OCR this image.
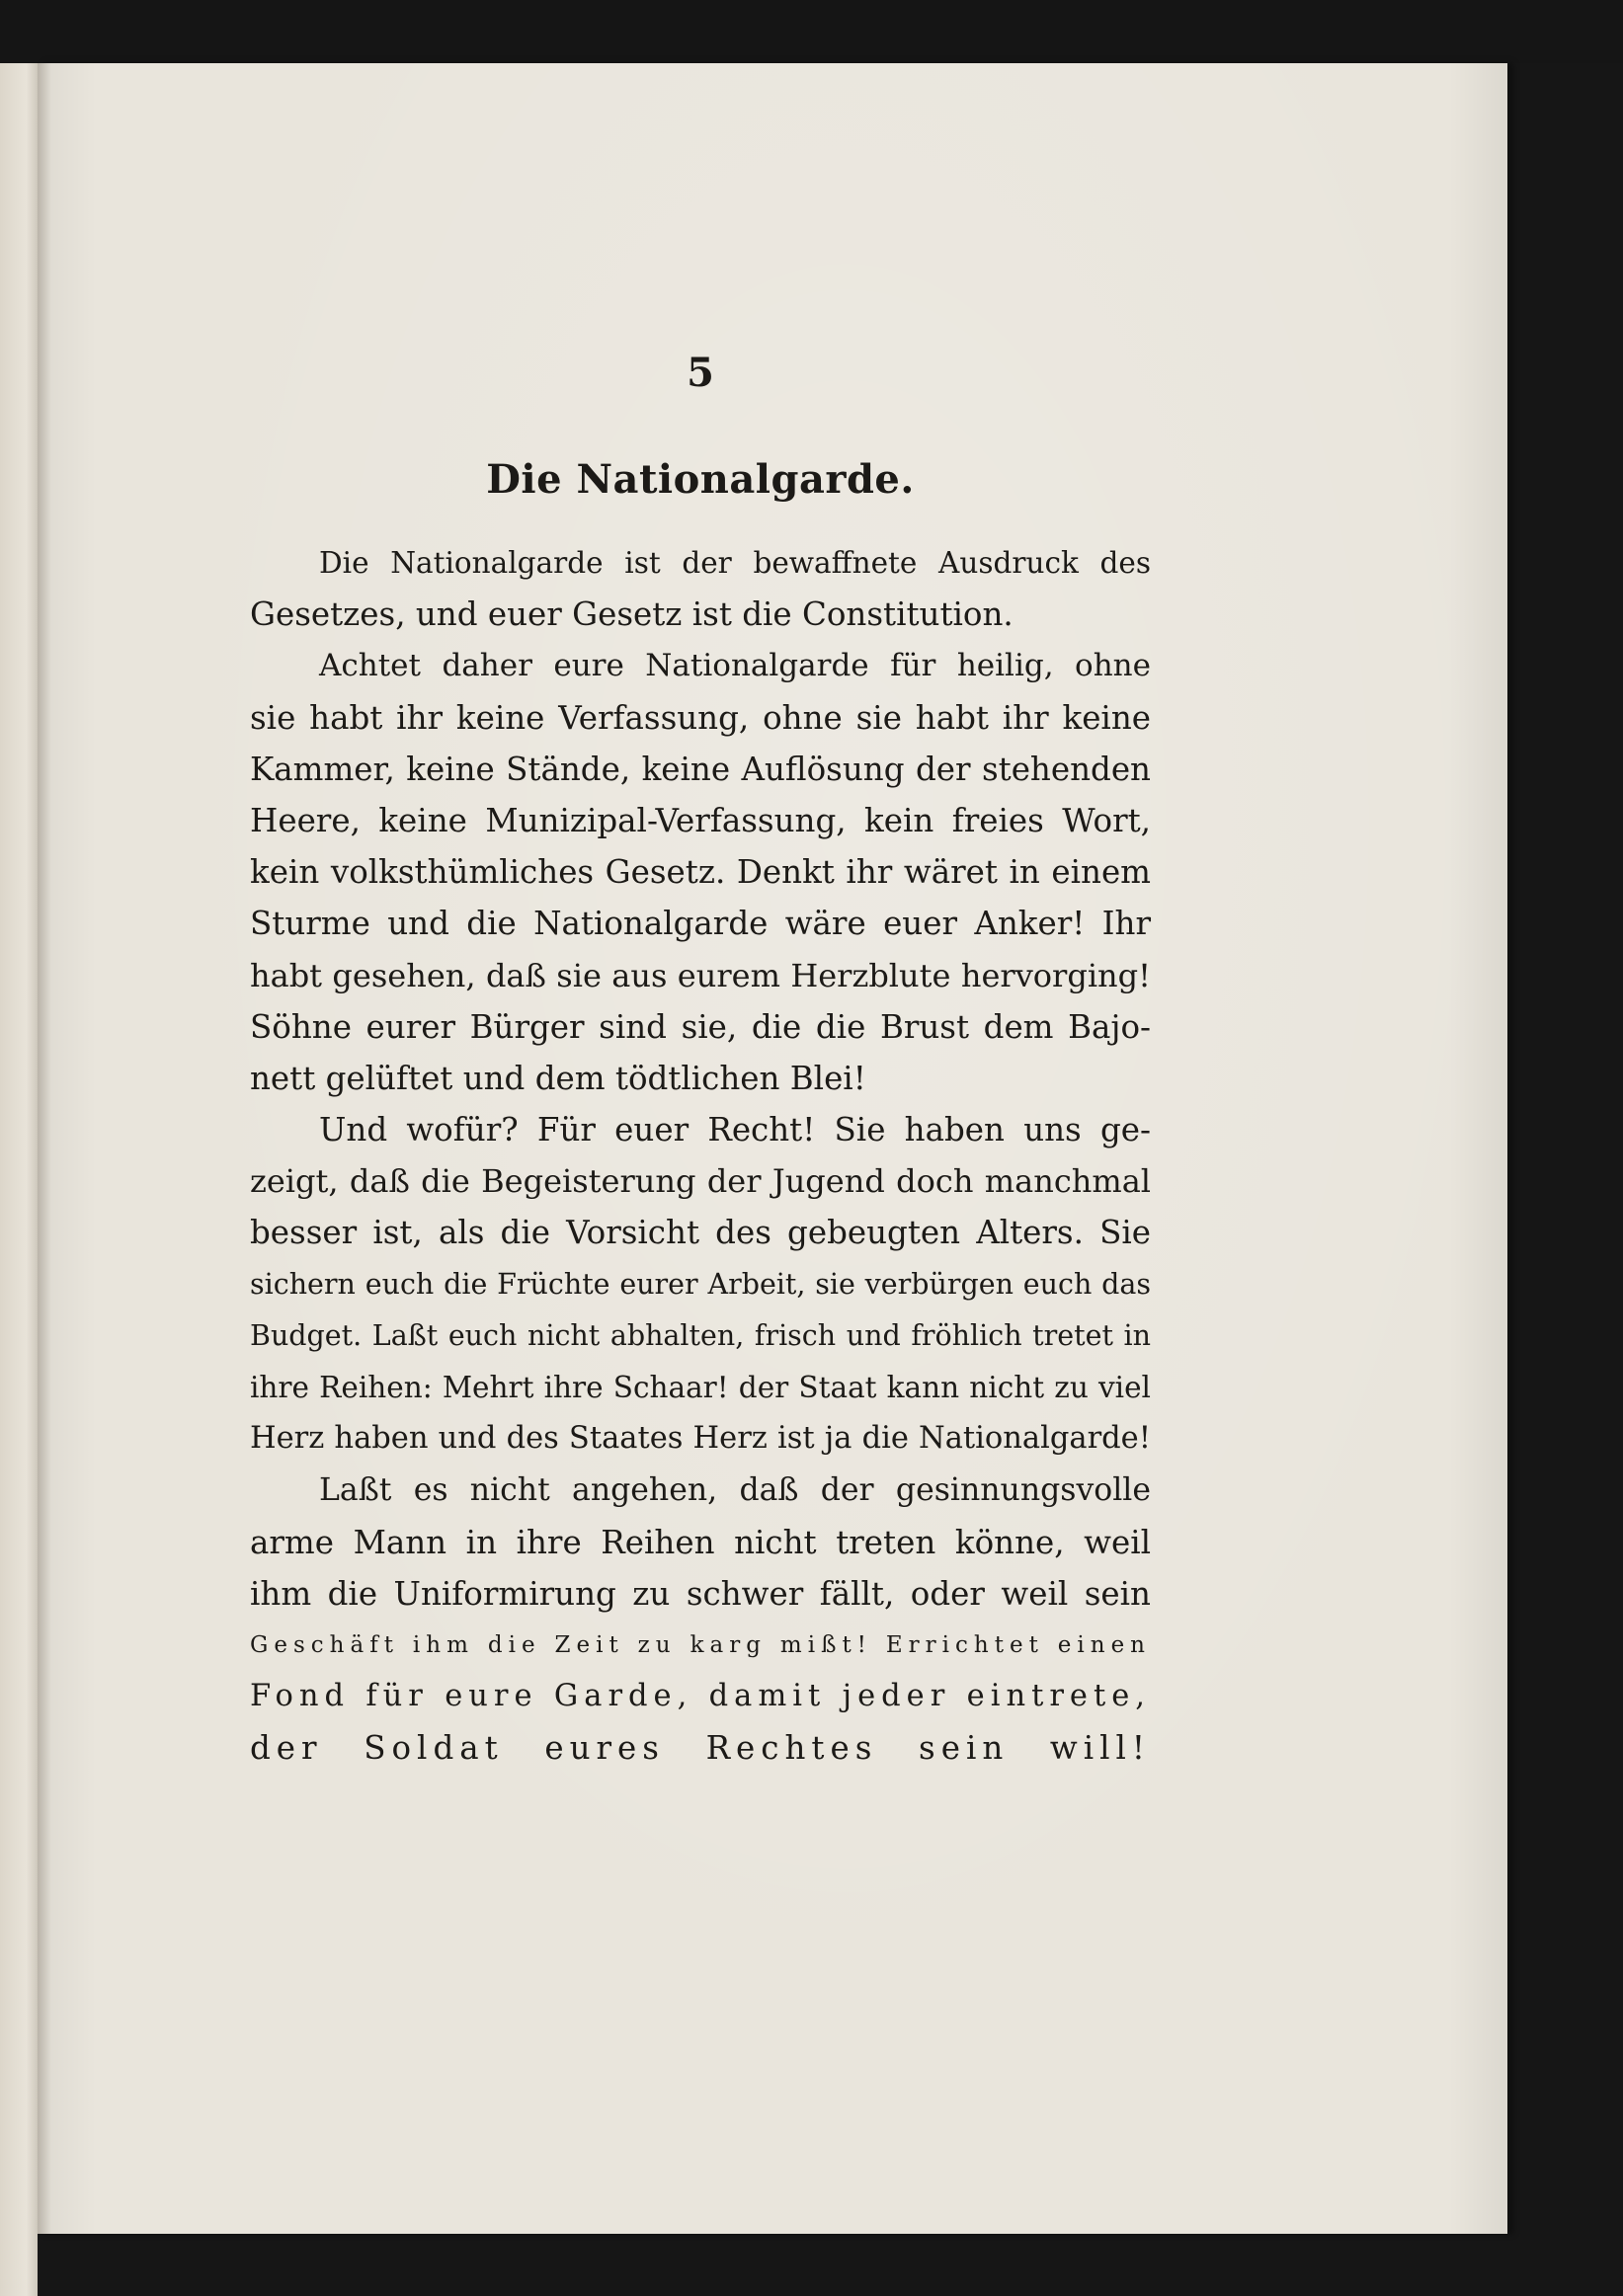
5

Die Nationalgarde.
Die Nationalgarde ist der bewaffnete Ausdruck des
Gesetzes, und euer Gesetz ist die Constitution.
Achtet daher eure Nationalgarde für heilig, ohne
sie habt ihr keine Verfassung, ohne sie habt ihr keine
Kammer, keine Stände, keine Auflösung der stehenden
Heere, keine Munizipal-Verfassung, kein freies Wort,
kein volksthümliches Gesetz. Denkt ihr wäret in einem
Sturme und die Nationalgarde wäre euer Anker! Ihr
habt gesehen, daß sie aus eurem Herzblute hervorging!
Söhne eurer Bürger sind sie, die die Brust dem Bajo-
nett gelüftet und dem tödtlichen Blei!
Und wofür? Für euer Recht! Sie haben uns ge-
zeigt, daß die Begeisterung der Jugend doch manchmal
besser ist, als die Vorsicht des gebeugten Alters. Sie
sichern euch die Früchte eurer Arbeit, sie verbürgen euch das
Budget. Laßt euch nicht abhalten, frisch und fröhlich tretet in
ihre Reihen: Mehrt ihre Schaar! der Staat kann nicht zu viel
Herz haben und des Staates Herz ist ja die Nationalgarde!
Laßt es nicht angehen, daß der gesinnungsvolle
arme Mann in ihre Reihen nicht treten könne, weil
ihm die Uniformirung zu schwer fällt, oder weil sein
Geschäft ihm die Zeit zu karg mißt! Errichtet einen
Fond für eure Garde, damit jeder eintrete,
der Soldat eures Rechtes sein will!
